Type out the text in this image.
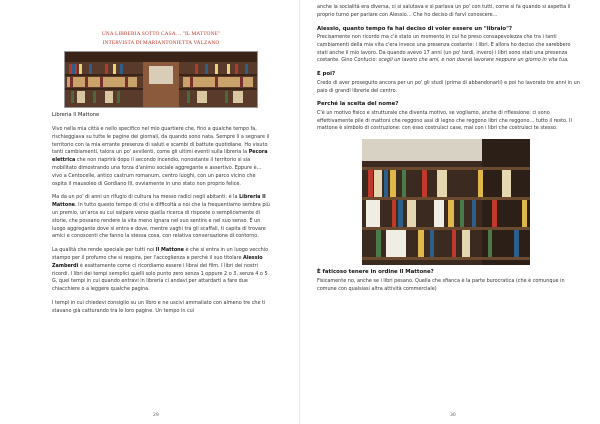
UNA LIBRERIA SOTTO CASA… "IL MATTONE"
INTERVISTA DI MARIANTONIETTA VALZANO
Libreria Il Mattone

Vivo nella mia città e nello specifico nel mio quartiere che, fino a qualche tempo fa, rischieggiava su tutte le pagine dei giornali, da quando sono nata. Sempre lì a segnare il territorio con la mia errante presenza di saluti e scambi di battute quotidiane. Ho visuto tanti cambiamenti, talora un po' avvilenti, come gli ultimi eventi sulla libreria la Pecora elettrica che non riaprirà dopo il secondo incendio, nonostante il territorio si sia mobilitato dimostrando una forza d'animo sociale aggregante e assertivo. Eppure è… vivo a Centocelle, antico castrum romanum, centro luoghi, con un parco vicino che ospita il mausoleo di Gordiano III, ovviamente in uno stato non proprio felice.

Ma da un po' di anni un rifugio di cultura ha messo radici negli abitanti: è la Libreria Il Mattone. In tutto questo tempo di crisi e difficoltà a noi che la frequentiamo sembra più un premio, un'arca su cui salpare verso quella ricerca di risposte o semplicemente di storie, che possano rendere la vita meno ignara nel suo sentire e nel suo senso. È un luogo aggregante dove si entra e dove, mentre vaghi tra gli scaffali, ti capita di trovare amici e conoscenti che fanno la stessa cosa, con relativa conversazione di contorno.

La qualità che rende speciale per tutti noi Il Mattone è che si entra in un luogo vecchio stampo per il profumo che si respira, per l'accoglienza e perché il suo titolare Alessio Zamberdi è esattamente come ci ricordiamo essere i librai dei film. I libri dei nostri ricordi. I libri dei tempi semplici quelli solo punto zero senza 1 oppure 2 o 3, senza 4 o 5 G, quei tempi in cui quando entravi in libreria ci andavi per attardarti a fare due chiacchiere o a leggere qualche pagina.

I tempi in cui chiedevi consiglio su un libro e ne uscivi ammaliato con almeno tre che ti stavano già catturando tra le loro pagine. Un tempo in cui

29

anche la socialità era diversa, ci si salutava e si parlava un po' con tutti, come si fa quando si aspetta il proprio turno per parlare con Alessio… Che ho deciso di farvi conoscere…

Alessio, quanto tempo fa hai deciso di voler essere un "libraio"?

Precisamente non ricordo ma c'è stato un momento in cui ho preso consapevolezza che tra i tanti cambiamenti della mia vita c'era invece una presenza costante: i libri. E allora ho deciso che sarebbero stati anche il mio lavoro. Da quando avevo 17 anni (un po' tardi, invero) i libri sono stati una presenza costante. Gino Confucio: scegli un lavoro che ami, e non dovrai lavorare neppure un giorno in vita tua.

E poi?

Credo di aver proseguito ancora per un po' gli studi (prima di abbandonarli) e poi ho lavorato tre anni in un paio di grandi librerie del centro.

Perché la scelta del nome?

C'è un motivo fisico e strutturale che diventa motivo, se vogliamo, anche di riflessione: ci sono effettivamente pile di mattoni che reggono assi di legno che reggono libri che reggono… tutto il resto. Il mattone è simbolo di costruzione: con esso costruisci case, mai con i libri che costruisci te stesso.

È faticoso tenere in ordine Il Mattone?

Fisicamente no, anche se i libri pesano. Quella che sfianca è la parte burocratica (che è comunque in comune con qualsiasi altra attività commerciale)

30
